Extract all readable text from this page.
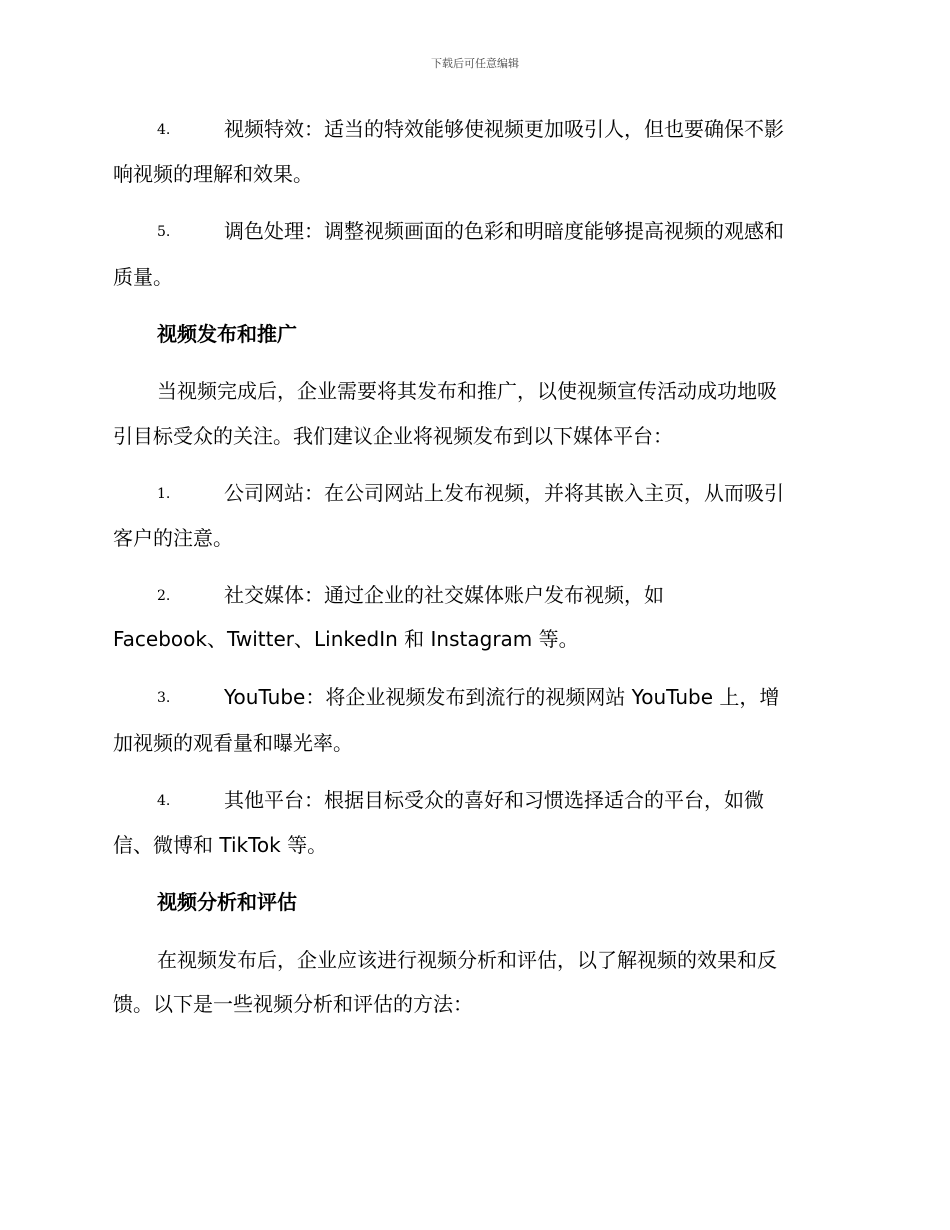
下载后可任意编辑
4.	视频特效：适当的特效能够使视频更加吸引人，但也要确保不影
响视频的理解和效果。
5.	调色处理：调整视频画面的色彩和明暗度能够提高视频的观感和
质量。
视频发布和推广
当视频完成后，企业需要将其发布和推广，以使视频宣传活动成功地吸
引目标受众的关注。我们建议企业将视频发布到以下媒体平台：
1.	公司网站：在公司网站上发布视频，并将其嵌入主页，从而吸引
客户的注意。
2.	社交媒体：通过企业的社交媒体账户发布视频，如
Facebook、Twitter、LinkedIn 和 Instagram 等。
3.	YouTube：将企业视频发布到流行的视频网站 YouTube 上，增
加视频的观看量和曝光率。
4.	其他平台：根据目标受众的喜好和习惯选择适合的平台，如微
信、微博和 TikTok 等。
视频分析和评估
在视频发布后，企业应该进行视频分析和评估，以了解视频的效果和反
馈。以下是一些视频分析和评估的方法：
